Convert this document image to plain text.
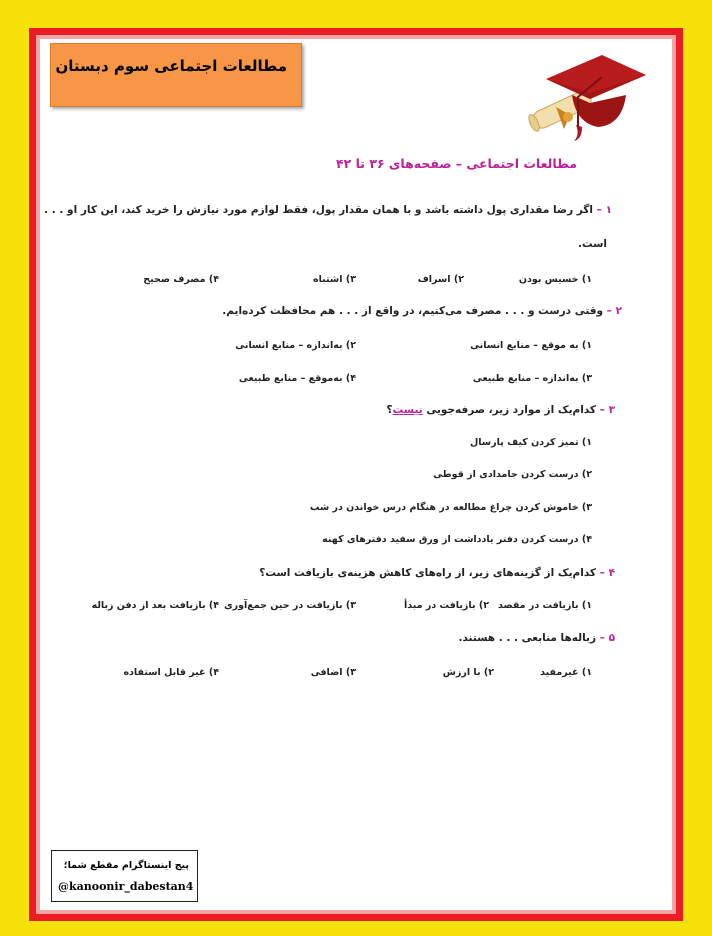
مطالعات اجتماعی سوم دبستان
مطالعات اجتماعی – صفحه‌های ۳۶ تا ۴۲
۱ – اگر رضا مقداری پول داشته باشد و با همان مقدار پول، فقط لوازم مورد نیازش را خرید کند، این کار او . . .
است.
۱) خسیس بودن
۲) اسراف
۳) اشتباه
۴) مصرف صحیح
۲ – وقتی درست و . . . مصرف می‌کنیم، در واقع از . . . هم محافظت کرده‌ایم.
۱) به موقع – منابع انسانی
۲) به‌اندازه – منابع انسانی
۳) به‌اندازه – منابع طبیعی
۴) به‌موقع – منابع طبیعی
۳ – کدام‌یک از موارد زیر، صرفه‌جویی نیست؟
۱) تمیز کردن کیف پارسال
۲) درست کردن جامدادی از قوطی
۳) خاموش کردن چراغ مطالعه در هنگام درس خواندن در شب
۴) درست کردن دفتر یادداشت از ورق سفید دفترهای کهنه
۴ – کدام‌یک از گزینه‌های زیر، از راه‌های کاهش هزینه‌ی بازیافت است؟
۱) بازیافت در مقصد
۲) بازیافت در مبدأ
۳) بازیافت در حین جمع‌آوری
۴) بازیافت بعد از دفن زباله
۵ – زباله‌ها منابعی . . . هستند.
۱) غیرمفید
۲) با ارزش
۳) اضافی
۴) غیر قابل استفاده
پیج اینستاگرام مقطع شما؛
@kanoonir_dabestan4
